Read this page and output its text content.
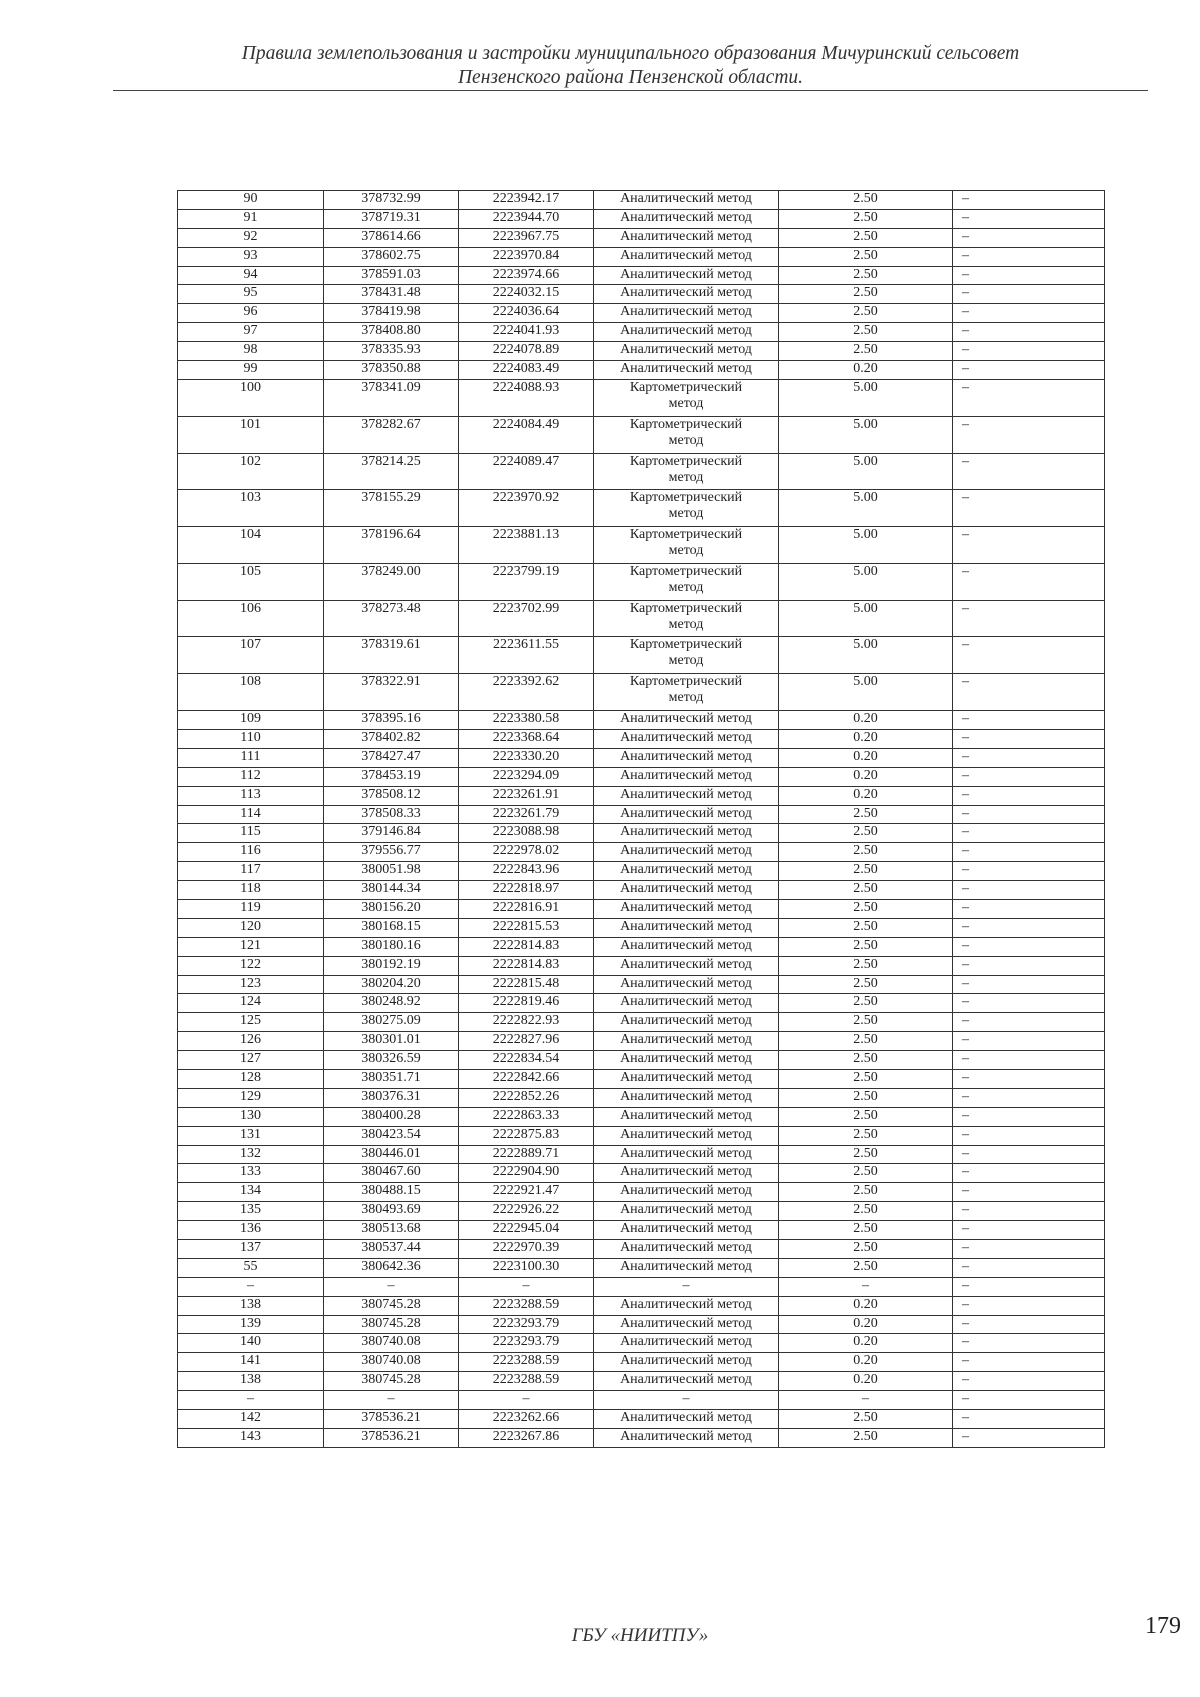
Правила землепользования и застройки муниципального образования Мичуринский сельсовет
Пензенского района Пензенской области.
90	378732.99	2223942.17	Аналитический метод	2.50	–
91	378719.31	2223944.70	Аналитический метод	2.50	–
92	378614.66	2223967.75	Аналитический метод	2.50	–
93	378602.75	2223970.84	Аналитический метод	2.50	–
94	378591.03	2223974.66	Аналитический метод	2.50	–
95	378431.48	2224032.15	Аналитический метод	2.50	–
96	378419.98	2224036.64	Аналитический метод	2.50	–
97	378408.80	2224041.93	Аналитический метод	2.50	–
98	378335.93	2224078.89	Аналитический метод	2.50	–
99	378350.88	2224083.49	Аналитический метод	0.20	–
100	378341.09	2224088.93	Картометрический метод	5.00	–
101	378282.67	2224084.49	Картометрический метод	5.00	–
102	378214.25	2224089.47	Картометрический метод	5.00	–
103	378155.29	2223970.92	Картометрический метод	5.00	–
104	378196.64	2223881.13	Картометрический метод	5.00	–
105	378249.00	2223799.19	Картометрический метод	5.00	–
106	378273.48	2223702.99	Картометрический метод	5.00	–
107	378319.61	2223611.55	Картометрический метод	5.00	–
108	378322.91	2223392.62	Картометрический метод	5.00	–
109	378395.16	2223380.58	Аналитический метод	0.20	–
110	378402.82	2223368.64	Аналитический метод	0.20	–
111	378427.47	2223330.20	Аналитический метод	0.20	–
112	378453.19	2223294.09	Аналитический метод	0.20	–
113	378508.12	2223261.91	Аналитический метод	0.20	–
114	378508.33	2223261.79	Аналитический метод	2.50	–
115	379146.84	2223088.98	Аналитический метод	2.50	–
116	379556.77	2222978.02	Аналитический метод	2.50	–
117	380051.98	2222843.96	Аналитический метод	2.50	–
118	380144.34	2222818.97	Аналитический метод	2.50	–
119	380156.20	2222816.91	Аналитический метод	2.50	–
120	380168.15	2222815.53	Аналитический метод	2.50	–
121	380180.16	2222814.83	Аналитический метод	2.50	–
122	380192.19	2222814.83	Аналитический метод	2.50	–
123	380204.20	2222815.48	Аналитический метод	2.50	–
124	380248.92	2222819.46	Аналитический метод	2.50	–
125	380275.09	2222822.93	Аналитический метод	2.50	–
126	380301.01	2222827.96	Аналитический метод	2.50	–
127	380326.59	2222834.54	Аналитический метод	2.50	–
128	380351.71	2222842.66	Аналитический метод	2.50	–
129	380376.31	2222852.26	Аналитический метод	2.50	–
130	380400.28	2222863.33	Аналитический метод	2.50	–
131	380423.54	2222875.83	Аналитический метод	2.50	–
132	380446.01	2222889.71	Аналитический метод	2.50	–
133	380467.60	2222904.90	Аналитический метод	2.50	–
134	380488.15	2222921.47	Аналитический метод	2.50	–
135	380493.69	2222926.22	Аналитический метод	2.50	–
136	380513.68	2222945.04	Аналитический метод	2.50	–
137	380537.44	2222970.39	Аналитический метод	2.50	–
55	380642.36	2223100.30	Аналитический метод	2.50	–
–	–	–	–	–	–
138	380745.28	2223288.59	Аналитический метод	0.20	–
139	380745.28	2223293.79	Аналитический метод	0.20	–
140	380740.08	2223293.79	Аналитический метод	0.20	–
141	380740.08	2223288.59	Аналитический метод	0.20	–
138	380745.28	2223288.59	Аналитический метод	0.20	–
–	–	–	–	–	–
142	378536.21	2223262.66	Аналитический метод	2.50	–
143	378536.21	2223267.86	Аналитический метод	2.50	–
ГБУ «НИИТПУ»	179
